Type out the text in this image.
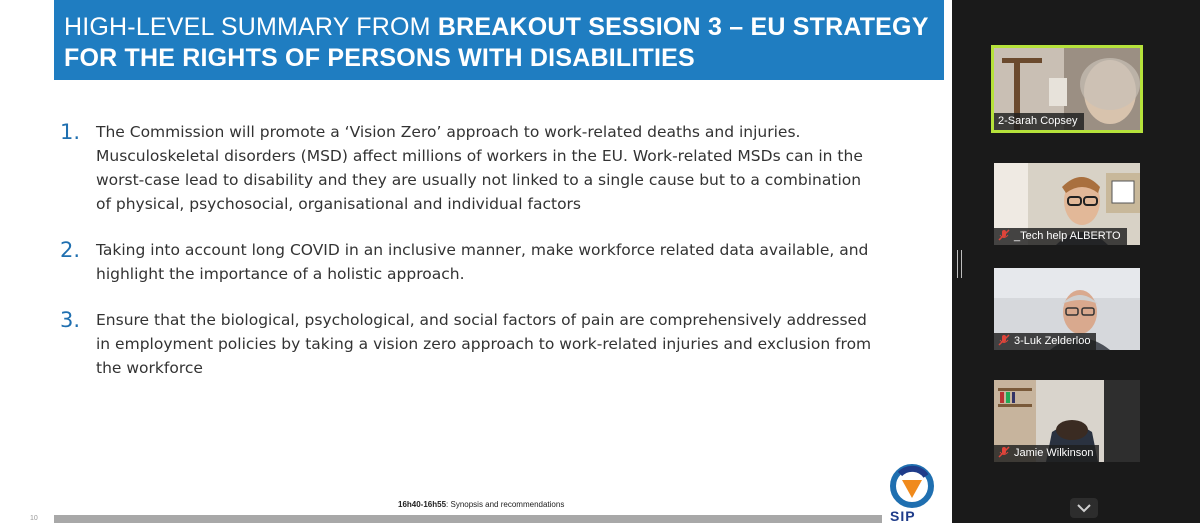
HIGH-LEVEL SUMMARY FROM BREAKOUT SESSION 3 – EU STRATEGY FOR THE RIGHTS OF PERSONS WITH DISABILITIES
1.	The Commission will promote a ‘Vision Zero’ approach to work-related deaths and injuries. Musculoskeletal disorders (MSD) affect millions of workers in the EU. Work-related MSDs can in the worst-case lead to disability and they are usually not linked to a single cause but to a combination of physical, psychosocial, organisational and individual factors
2.	Taking into account long COVID in an inclusive manner, make workforce related data available, and highlight the importance of a holistic approach.
3.	Ensure that the biological, psychological, and social factors of pain are comprehensively addressed in employment policies by taking a vision zero approach to work-related injuries and exclusion from the workforce
16h40-16h55: Synopsis and recommendations
10	SIP
2-Sarah Copsey
_Tech help ALBERTO
3-Luk Zelderloo
Jamie Wilkinson
